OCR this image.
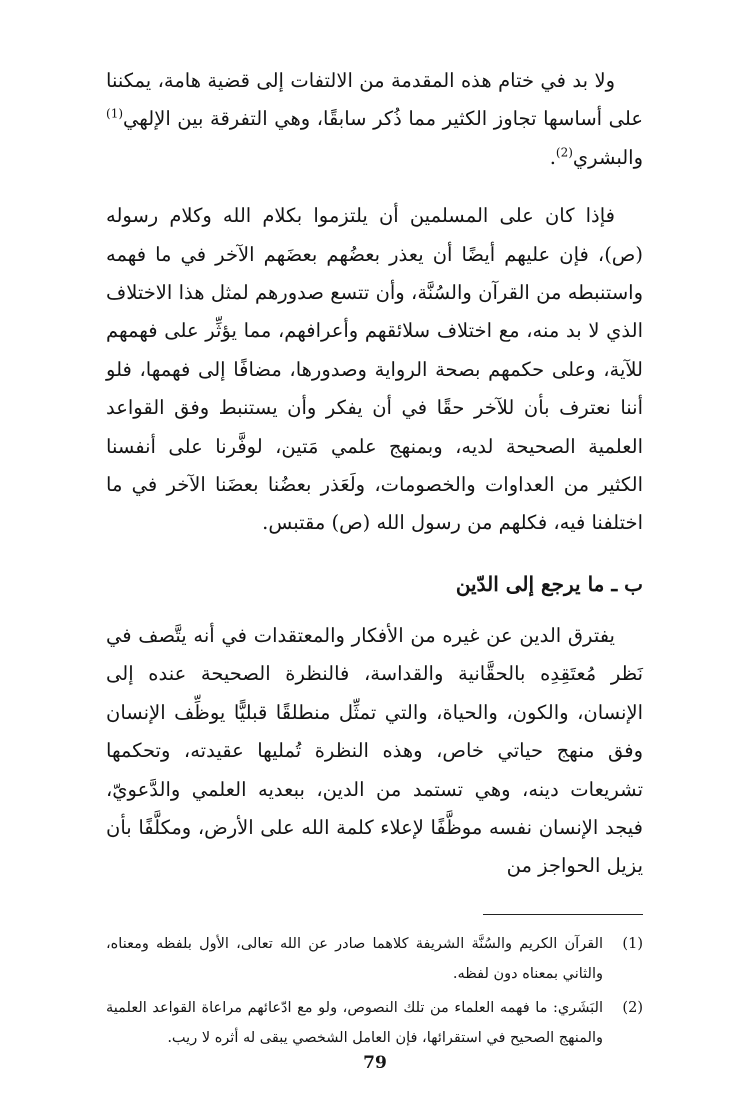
ولا بد في ختام هذه المقدمة من الالتفات إلى قضية هامة، يمكننا على أساسها تجاوز الكثير مما ذُكر سابقًا، وهي التفرقة بين الإلهي$^{(1)}$ والبشري$^{(2)}$.

فإذا كان على المسلمين أن يلتزموا بكلام الله وكلام رسوله (ص)، فإن عليهم أيضًا أن يعذر بعضُهم بعضَهم الآخر في ما فهمه واستنبطه من القرآن والسُنَّة، وأن تتسع صدورهم لمثل هذا الاختلاف الذي لا بد منه، مع اختلاف سلائقهم وأعرافهم، مما يؤثِّر على فهمهم للآية، وعلى حكمهم بصحة الرواية وصدورها، مضافًا إلى فهمها، فلو أننا نعترف بأن للآخر حقًا في أن يفكر وأن يستنبط وفق القواعد العلمية الصحيحة لديه، وبمنهج علمي مَتين، لوفَّرنا على أنفسنا الكثير من العداوات والخصومات، ولَعَذر بعضُنا بعضَنا الآخر في ما اختلفنا فيه، فكلهم من رسول الله (ص) مقتبس.

ب ـ ما يرجع إلى الدّين

يفترق الدين عن غيره من الأفكار والمعتقدات في أنه يتَّصف في نَظر مُعتَقِدِه بالحقَّانية والقداسة، فالنظرة الصحيحة عنده إلى الإنسان، والكون، والحياة، والتي تمثِّل منطلقًا قبليًّا يوظِّف الإنسان وفق منهج حياتي خاص، وهذه النظرة تُمليها عقيدته، وتحكمها تشريعات دينه، وهي تستمد من الدين، ببعديه العلمي والدَّعويّ، فيجد الإنسان نفسه موظَّفًا لإعلاء كلمة الله على الأرض، ومكلَّفًا بأن يزيل الحواجز من

(1)
القرآن الكريم والسُنَّة الشريفة كلاهما صادر عن الله تعالى، الأول بلفظه ومعناه، والثاني بمعناه دون لفظه.
(2)
البَشَري: ما فهمه العلماء من تلك النصوص، ولو مع ادّعائهم مراعاة القواعد العلمية والمنهج الصحيح في استقرائها، فإن العامل الشخصي يبقى له أثره لا ريب.
79
